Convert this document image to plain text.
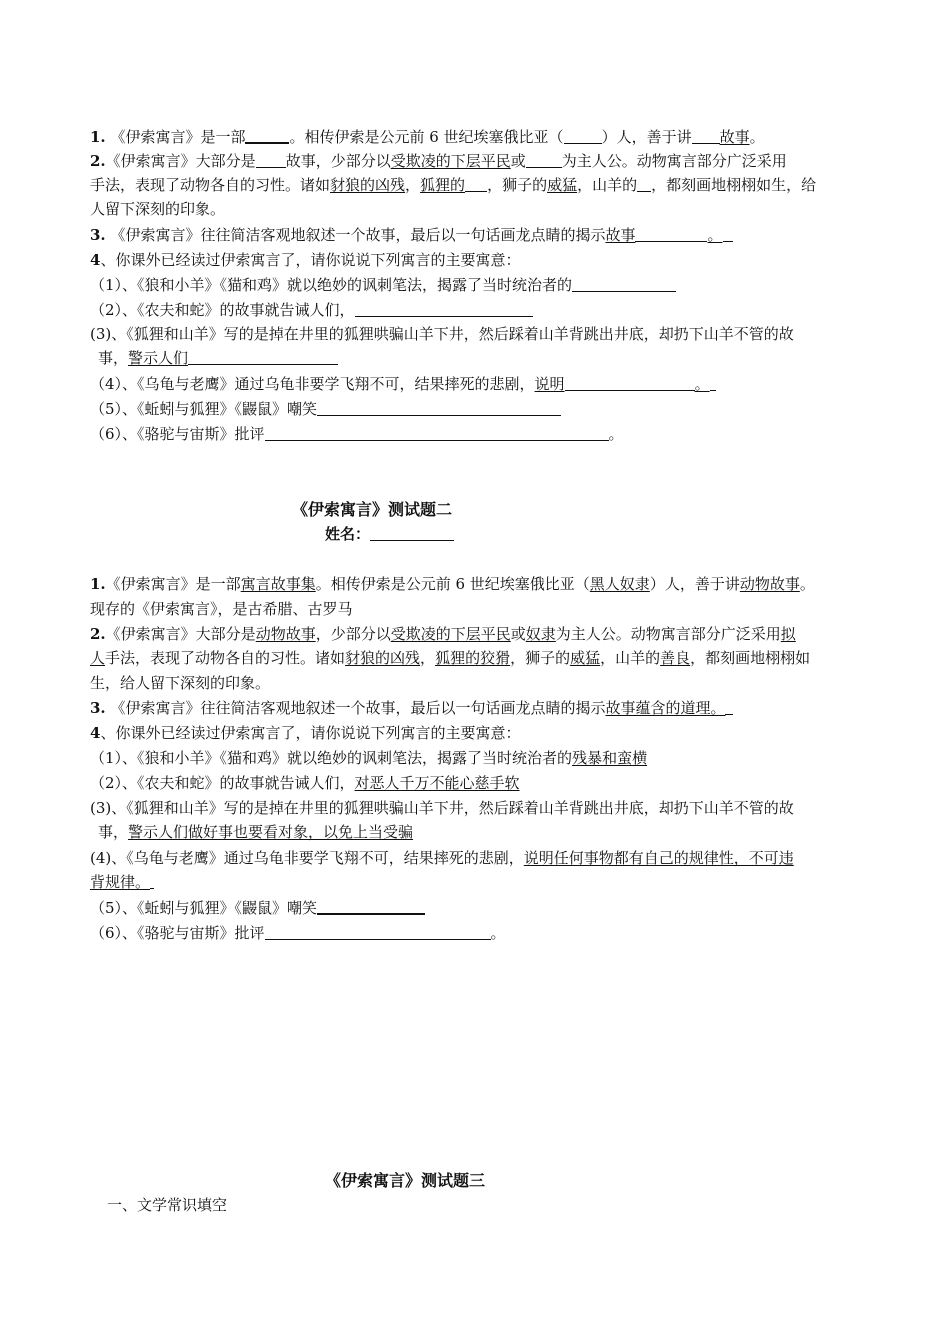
1. 《伊索寓言》是一部	。相传伊索是公元前 6 世纪埃塞俄比亚（	）人，善于讲 故事。
2.《伊索寓言》大部分是 故事，少部分以受欺凌的下层平民或 为主人公。动物寓言部分广泛采用
手法，表现了动物各自的习性。诸如豺狼的凶残，狐狸的 ，狮子的威猛，山羊的 ，都刻画地栩栩如生，给
人留下深刻的印象。
3. 《伊索寓言》往往简洁客观地叙述一个故事，最后以一句话画龙点睛的揭示故事	。
4、你课外已经读过伊索寓言了，请你说说下列寓言的主要寓意：
（1）、《狼和小羊》《猫和鸡》就以绝妙的讽刺笔法，揭露了当时统治者的
（2）、《农夫和蛇》的故事就告诫人们，
(3)、《狐狸和山羊》写的是掉在井里的狐狸哄骗山羊下井，然后踩着山羊背跳出井底，却扔下山羊不管的故
事，警示人们
（4）、《乌龟与老鹰》通过乌龟非要学飞翔不可，结果摔死的悲剧，说明	。
（5）、《蚯蚓与狐狸》《鼹鼠》嘲笑
（6）、《骆驼与宙斯》批评	。
《伊索寓言》测试题二
姓名：
1.《伊索寓言》是一部寓言故事集。相传伊索是公元前 6 世纪埃塞俄比亚（黑人奴隶）人，善于讲动物故事。
现存的《伊索寓言》，是古希腊、古罗马
2.《伊索寓言》大部分是动物故事，少部分以受欺凌的下层平民或奴隶为主人公。动物寓言部分广泛采用拟
人手法，表现了动物各自的习性。诸如豺狼的凶残，狐狸的狡猾，狮子的威猛，山羊的善良，都刻画地栩栩如
生，给人留下深刻的印象。
3. 《伊索寓言》往往简洁客观地叙述一个故事，最后以一句话画龙点睛的揭示故事蕴含的道理。
4、你课外已经读过伊索寓言了，请你说说下列寓言的主要寓意：
（1）、《狼和小羊》《猫和鸡》就以绝妙的讽刺笔法，揭露了当时统治者的残暴和蛮横
（2）、《农夫和蛇》的故事就告诫人们，对恶人千万不能心慈手软
(3)、《狐狸和山羊》写的是掉在井里的狐狸哄骗山羊下井，然后踩着山羊背跳出井底，却扔下山羊不管的故
事，警示人们做好事也要看对象，以免上当受骗
(4)、《乌龟与老鹰》通过乌龟非要学飞翔不可，结果摔死的悲剧，说明任何事物都有自己的规律性，不可违
背规律。
（5）、《蚯蚓与狐狸》《鼹鼠》嘲笑
（6）、《骆驼与宙斯》批评	。
《伊索寓言》测试题三
一、文学常识填空
